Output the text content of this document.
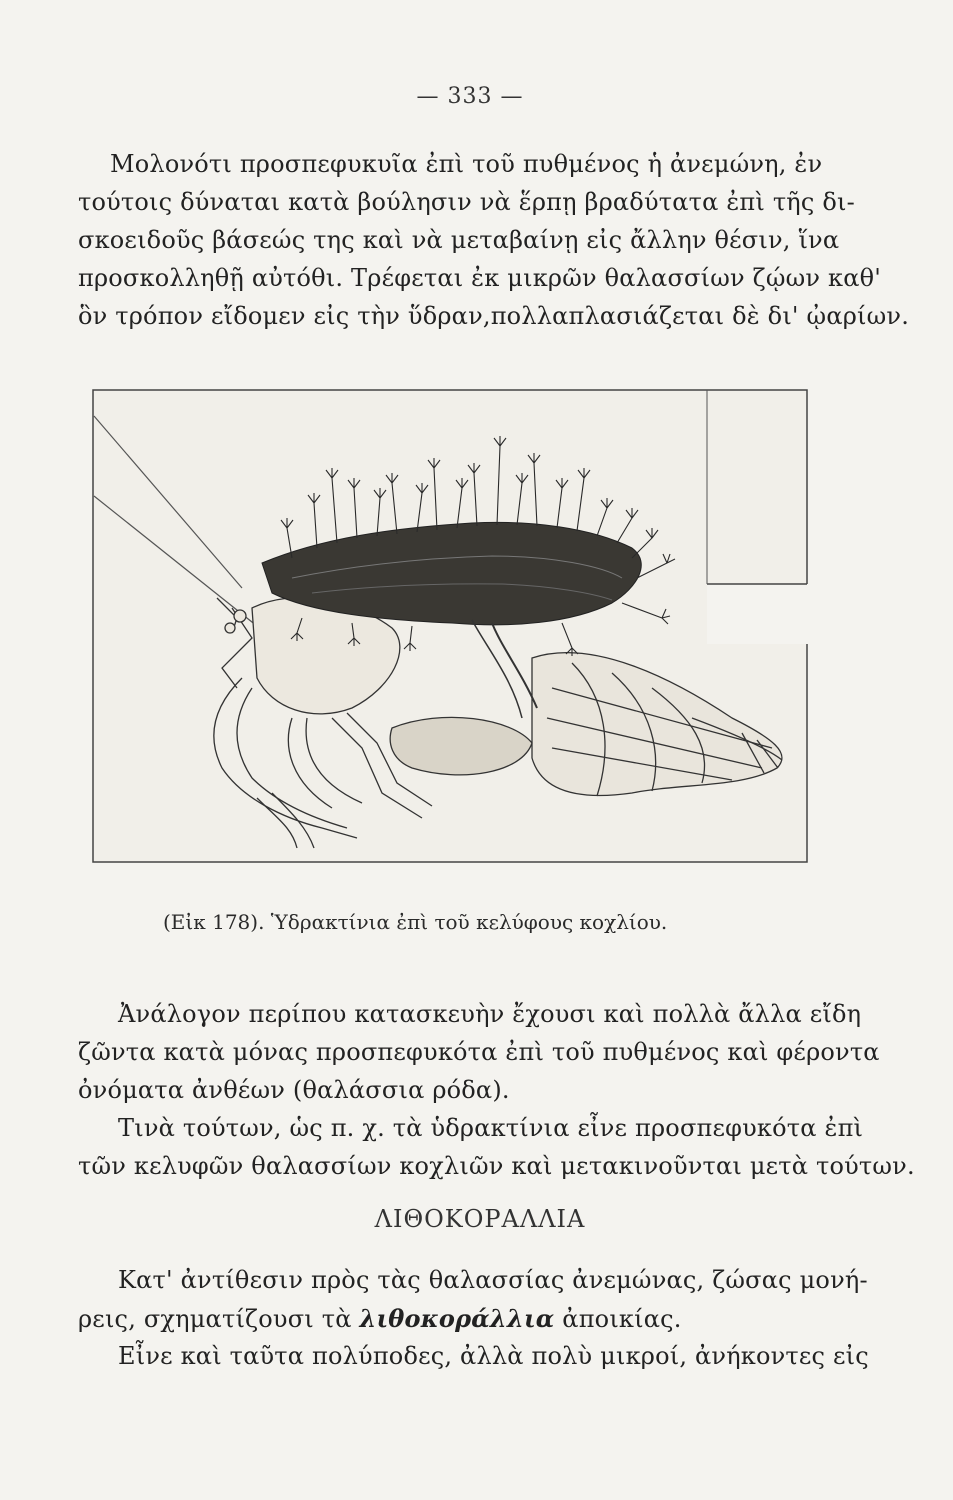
— 333 —
Μολονότι προσπεφυκυῖα ἐπὶ τοῦ πυθμένος ἡ ἀνεμώνη, ἐν
τούτοις δύναται κατὰ βούλησιν νὰ ἕρπῃ βραδύτατα ἐπὶ τῆς δι-
σκοειδοῦς βάσεώς της καὶ νὰ μεταβαίνῃ εἰς ἄλλην θέσιν, ἵνα
προσκολληθῇ αὐτόθι. Τρέφεται ἐκ μικρῶν θαλασσίων ζῴων καθ'
ὃν τρόπον εἴδομεν εἰς τὴν ὕδραν,πολλαπλασιάζεται δὲ δι' ᾠαρίων.
(Εἰκ 178). Ὑδρακτίνια ἐπὶ τοῦ κελύφους κοχλίου.
Ἀνάλογον περίπου κατασκευὴν ἔχουσι καὶ πολλὰ ἄλλα εἴδη
ζῶντα κατὰ μόνας προσπεφυκότα ἐπὶ τοῦ πυθμένος καὶ φέροντα
ὀνόματα ἀνθέων (θαλάσσια ρόδα).
Τινὰ τούτων, ὡς π. χ. τὰ ὑδρακτίνια εἶνε προσπεφυκότα ἐπὶ
τῶν κελυφῶν θαλασσίων κοχλιῶν καὶ μετακινοῦνται μετὰ τούτων.
ΛΙΘΟΚΟΡΑΛΛΙΑ
Κατ' ἀντίθεσιν πρὸς τὰς θαλασσίας ἀνεμώνας, ζώσας μονή-
ρεις, σχηματίζουσι τὰ λιθοκοράλλια ἀποικίας.
Εἶνε καὶ ταῦτα πολύποδες, ἀλλὰ πολὺ μικροί, ἀνήκοντες εἰς
